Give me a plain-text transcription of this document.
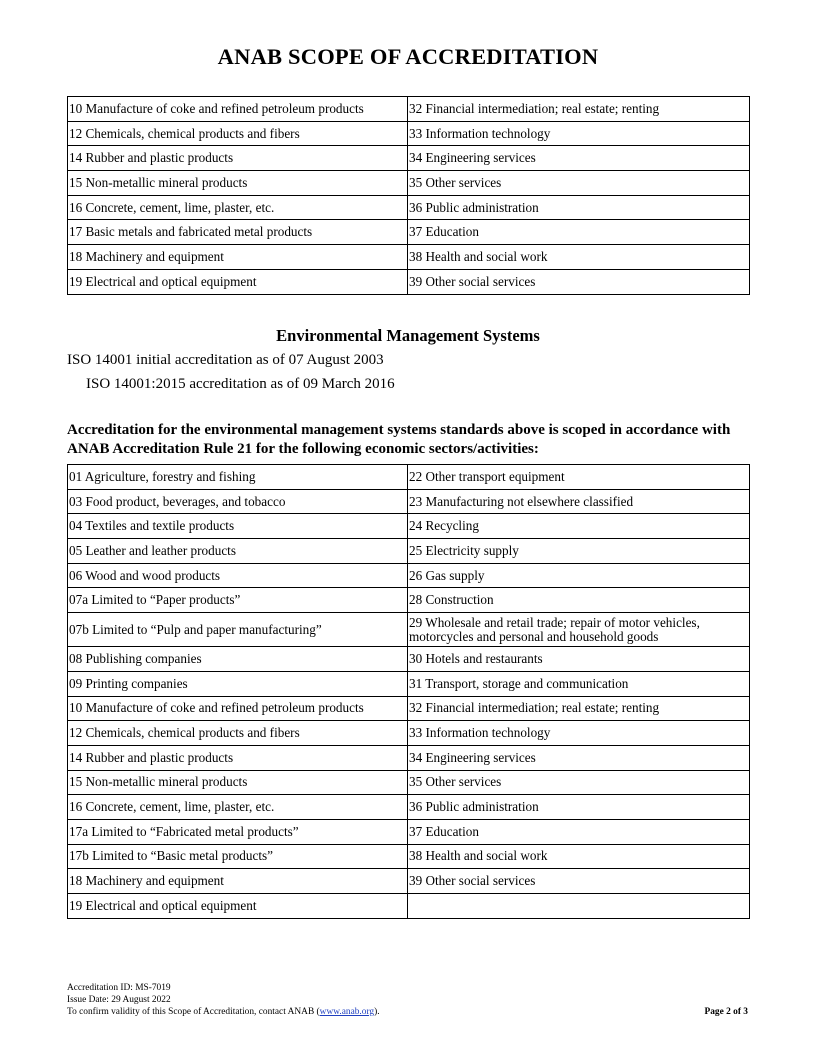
ANAB SCOPE OF ACCREDITATION
10 Manufacture of coke and refined petroleum products	32 Financial intermediation; real estate; renting
12 Chemicals, chemical products and fibers	33 Information technology
14 Rubber and plastic products	34 Engineering services
15 Non-metallic mineral products	35 Other services
16 Concrete, cement, lime, plaster, etc.	36 Public administration
17 Basic metals and fabricated metal products	37 Education
18 Machinery and equipment	38 Health and social work
19 Electrical and optical equipment	39 Other social services
Environmental Management Systems
ISO 14001 initial accreditation as of 07 August 2003
ISO 14001:2015 accreditation as of 09 March 2016
Accreditation for the environmental management systems standards above is scoped in accordance with ANAB Accreditation Rule 21 for the following economic sectors/activities:
01 Agriculture, forestry and fishing	22 Other transport equipment
03 Food product, beverages, and tobacco	23 Manufacturing not elsewhere classified
04 Textiles and textile products	24 Recycling
05 Leather and leather products	25 Electricity supply
06 Wood and wood products	26 Gas supply
07a Limited to “Paper products”	28 Construction
07b Limited to “Pulp and paper manufacturing”	29 Wholesale and retail trade; repair of motor vehicles, motorcycles and personal and household goods
08 Publishing companies	30 Hotels and restaurants
09 Printing companies	31 Transport, storage and communication
10 Manufacture of coke and refined petroleum products	32 Financial intermediation; real estate; renting
12 Chemicals, chemical products and fibers	33 Information technology
14 Rubber and plastic products	34 Engineering services
15 Non-metallic mineral products	35 Other services
16 Concrete, cement, lime, plaster, etc.	36 Public administration
17a Limited to “Fabricated metal products”	37 Education
17b Limited to “Basic metal products”	38 Health and social work
18 Machinery and equipment	39 Other social services
19 Electrical and optical equipment	
Accreditation ID: MS-7019
Issue Date: 29 August 2022
To confirm validity of this Scope of Accreditation, contact ANAB (www.anab.org).	Page 2 of 3
